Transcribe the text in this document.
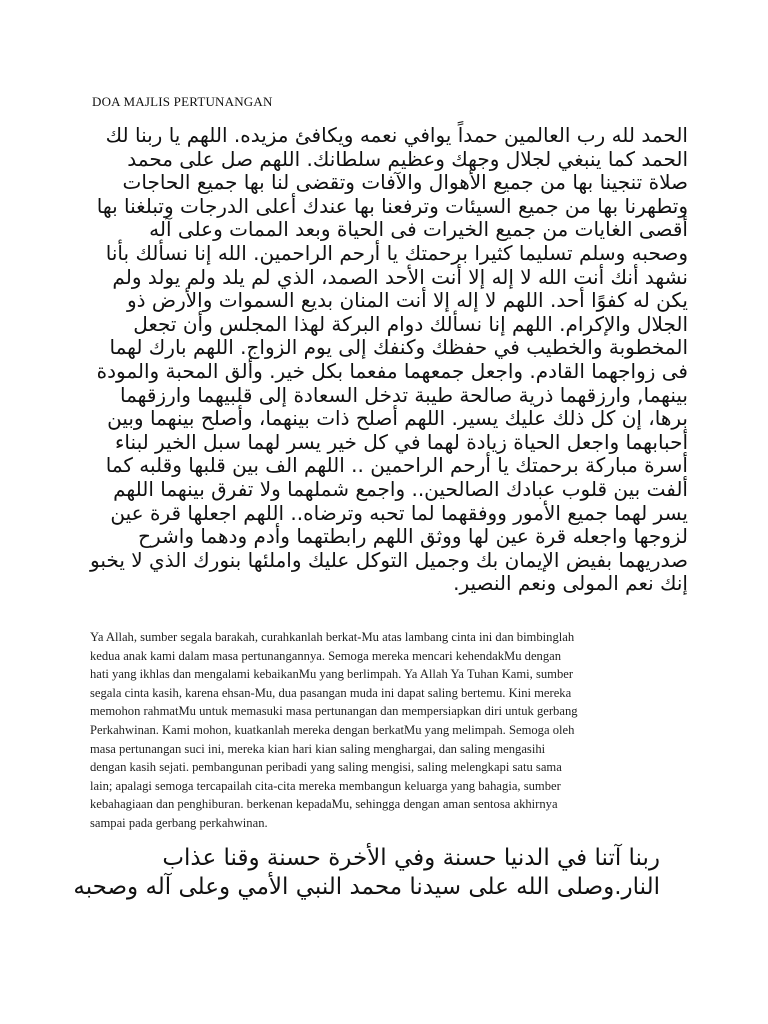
DOA MAJLIS PERTUNANGAN
الحمد لله رب العالمين حمداً يوافي نعمه ويكافئ مزيده. اللهم يا ربنا لك
الحمد كما ينبغي لجلال وجهك وعظيم سلطانك. اللهم صل على محمد
صلاة تنجينا بها من جميع الأهوال والآفات وتقضى لنا بها جميع الحاجات
وتطهرنا بها من جميع السيئات وترفعنا بها عندك أعلى الدرجات وتبلغنا بها
أقصى الغايات من جميع الخيرات فى الحياة وبعد الممات وعلى آله
وصحبه وسلم تسليما كثيرا برحمتك يا أرحم الراحمين. الله إنا نسألك بأنا
نشهد أنك أنت الله لا إله إلا أنت الأحد الصمد، الذي لم يلد ولم يولد ولم
يكن له كفوًا أحد. اللهم لا إله إلا أنت المنان بديع السموات والأرض ذو
الجلال والإكرام. اللهم إنا نسألك دوام البركة لهذا المجلس وأن تجعل
المخطوبة والخطيب في حفظك وكنفك إلى يوم الزواج. اللهم بارك لهما
فى زواجهما القادم. واجعل جمعهما مفعما بكل خير. وألق المحبة والمودة
بينهما, وارزقهما ذرية صالحة طيبة تدخل السعادة إلى قلبيهما وارزقهما
برها، إن كل ذلك عليك يسير. اللهم أصلح ذات بينهما، وأصلح بينهما وبين
أحبابهما واجعل الحياة زيادة لهما في كل خير يسر لهما سبل الخير لبناء
أسرة مباركة برحمتك يا أرحم الراحمين .. اللهم الف بين قلبها وقلبه كما
ألفت بين قلوب عبادك الصالحين.. واجمع شملهما ولا تفرق بينهما اللهم
يسر لهما جميع الأمور ووفقهما لما تحبه وترضاه.. اللهم اجعلها قرة عين
لزوجها واجعله قرة عين لها ووثق اللهم رابطتهما وأدم ودهما واشرح
صدريهما بفيض الإيمان بك وجميل التوكل عليك واملئها بنورك الذي لا يخبو
إنك نعم المولى ونعم النصير.
Ya Allah, sumber segala barakah, curahkanlah berkat-Mu atas lambang cinta ini dan bimbinglah
kedua anak kami dalam masa pertunangannya. Semoga mereka mencari kehendakMu dengan
hati yang ikhlas dan mengalami kebaikanMu yang berlimpah. Ya Allah Ya Tuhan Kami, sumber
segala cinta kasih, karena ehsan-Mu, dua pasangan muda ini dapat saling bertemu. Kini mereka
memohon rahmatMu untuk memasuki masa pertunangan dan mempersiapkan diri untuk gerbang
Perkahwinan. Kami mohon, kuatkanlah mereka dengan berkatMu yang melimpah. Semoga oleh
masa pertunangan suci ini, mereka kian hari kian saling menghargai, dan saling mengasihi
dengan kasih sejati. pembangunan peribadi yang saling mengisi, saling melengkapi satu sama
lain; apalagi semoga tercapailah cita-cita mereka membangun keluarga yang bahagia, sumber
kebahagiaan dan penghiburan. berkenan kepadaMu, sehingga dengan aman sentosa akhirnya
sampai pada gerbang perkahwinan.
ربنا آتنا في الدنيا حسنة وفي الأخرة حسنة وقنا عذاب
النار.وصلى الله على سيدنا محمد النبي الأمي وعلى آله وصحبه
